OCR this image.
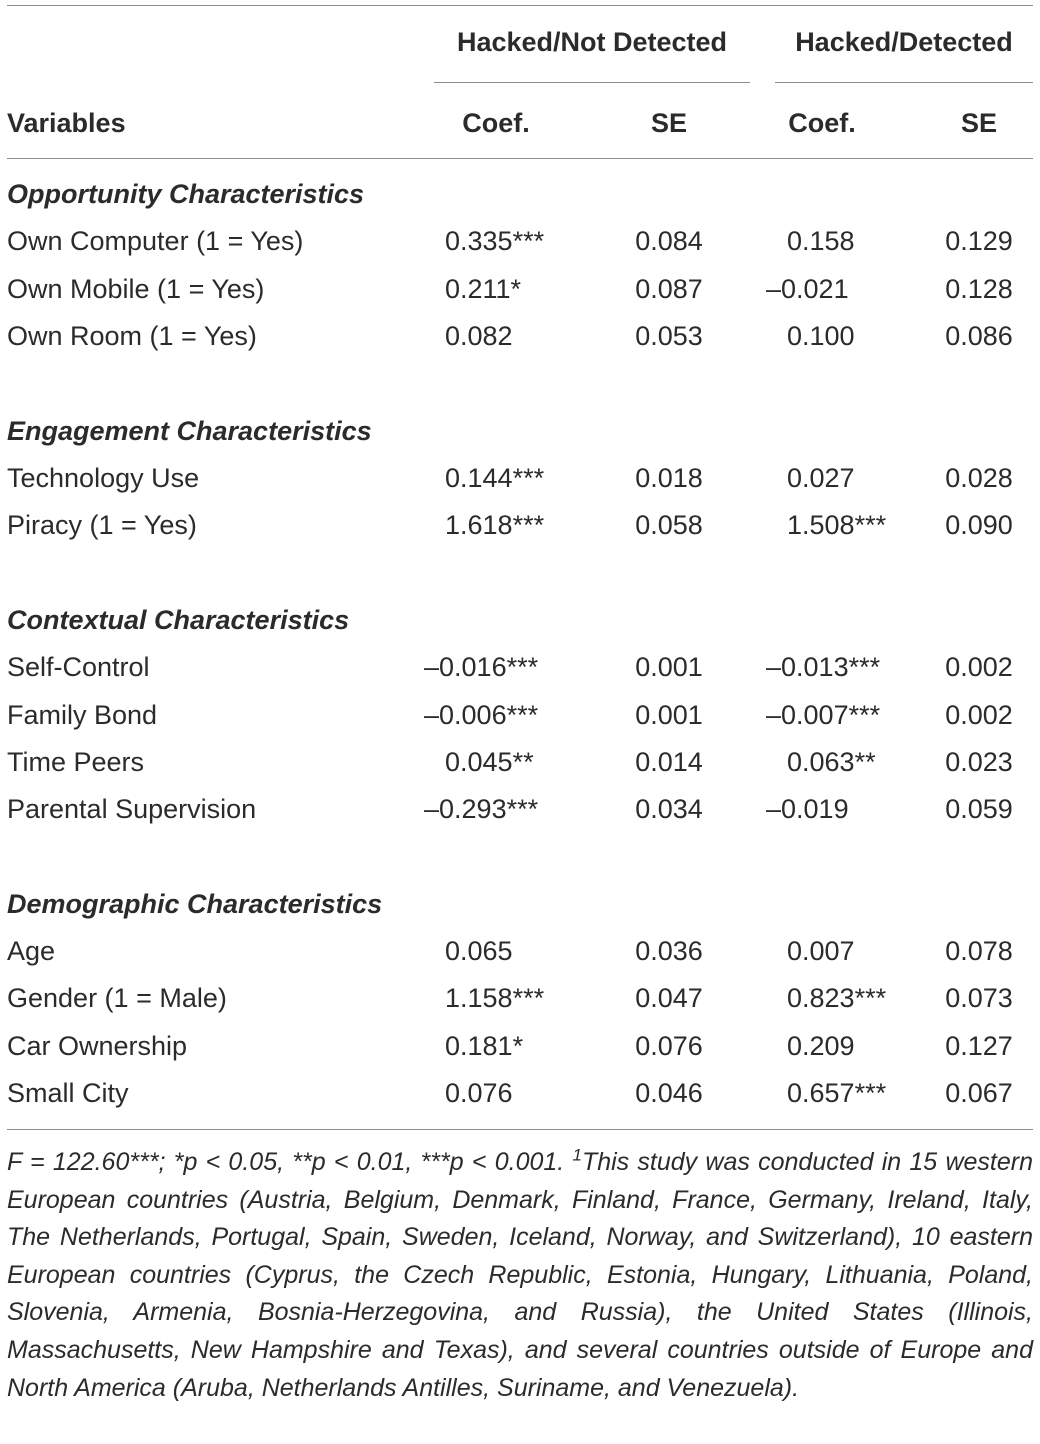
Hacked/Not Detected	Hacked/Detected
Variables	Coef.	SE	Coef.	SE
Opportunity Characteristics
Own Computer (1 = Yes)	0.335***	0.084	0.158	0.129
Own Mobile (1 = Yes)	0.211*	0.087	–0.021	0.128
Own Room (1 = Yes)	0.082	0.053	0.100	0.086
Engagement Characteristics
Technology Use	0.144***	0.018	0.027	0.028
Piracy (1 = Yes)	1.618***	0.058	1.508***	0.090
Contextual Characteristics
Self-Control	–0.016***	0.001	–0.013***	0.002
Family Bond	–0.006***	0.001	–0.007***	0.002
Time Peers	0.045**	0.014	0.063**	0.023
Parental Supervision	–0.293***	0.034	–0.019	0.059
Demographic Characteristics
Age	0.065	0.036	0.007	0.078
Gender (1 = Male)	1.158***	0.047	0.823***	0.073
Car Ownership	0.181*	0.076	0.209	0.127
Small City	0.076	0.046	0.657***	0.067
F = 122.60***; *p < 0.05, **p < 0.01, ***p < 0.001. $^1$This study was conducted in 15 western European countries (Austria, Belgium, Denmark, Finland, France, Germany, Ireland, Italy, The Netherlands, Portugal, Spain, Sweden, Iceland, Norway, and Switzerland), 10 eastern European countries (Cyprus, the Czech Republic, Estonia, Hungary, Lithuania, Poland, Slovenia, Armenia, Bosnia-Herzegovina, and Russia), the United States (Illinois, Massachusetts, New Hampshire and Texas), and several countries outside of Europe and North America (Aruba, Netherlands Antilles, Suriname, and Venezuela).
